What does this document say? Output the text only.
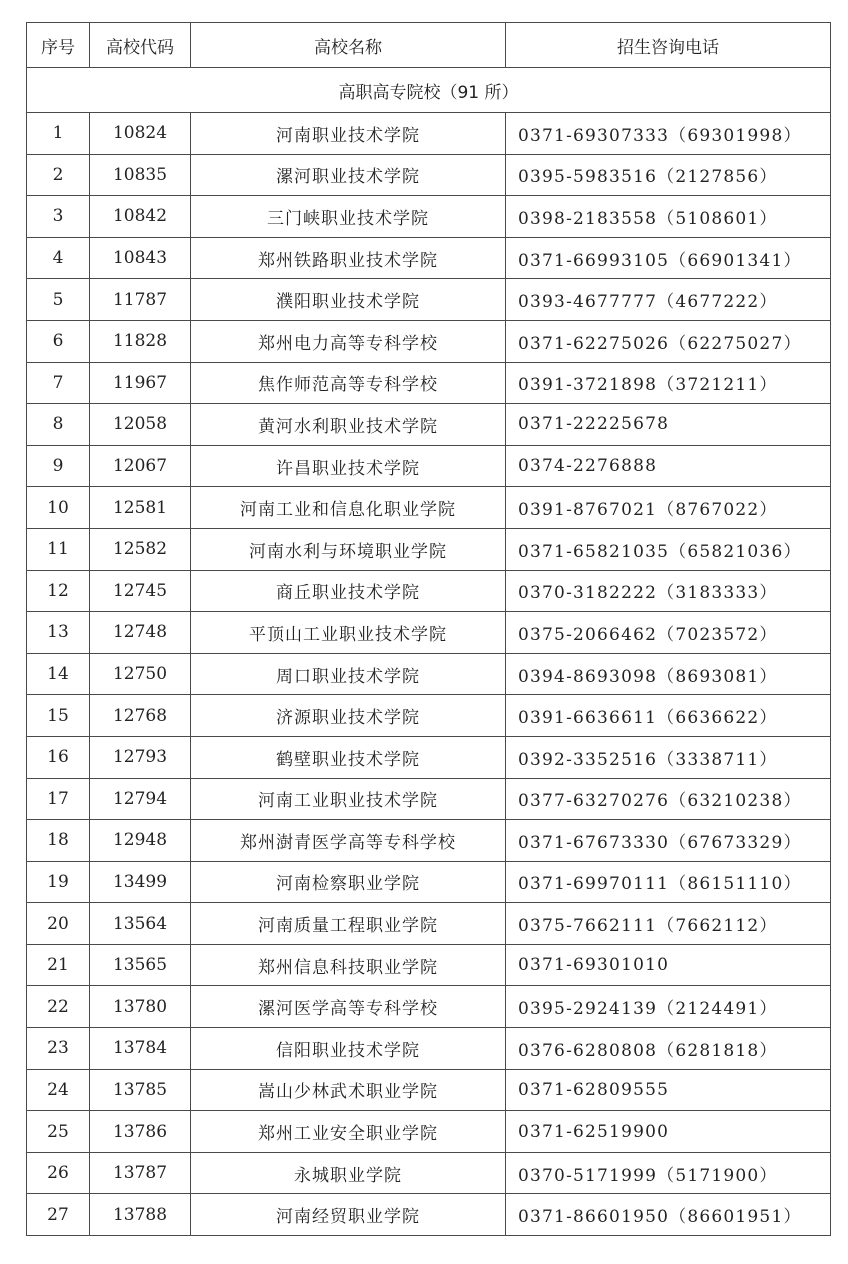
序号	高校代码	高校名称	招生咨询电话
高职高专院校（91 所）			
1	10824	河南职业技术学院	0371-69307333（69301998）
2	10835	漯河职业技术学院	0395-5983516（2127856）
3	10842	三门峡职业技术学院	0398-2183558（5108601）
4	10843	郑州铁路职业技术学院	0371-66993105（66901341）
5	11787	濮阳职业技术学院	0393-4677777（4677222）
6	11828	郑州电力高等专科学校	0371-62275026（62275027）
7	11967	焦作师范高等专科学校	0391-3721898（3721211）
8	12058	黄河水利职业技术学院	0371-22225678
9	12067	许昌职业技术学院	0374-2276888
10	12581	河南工业和信息化职业学院	0391-8767021（8767022）
11	12582	河南水利与环境职业学院	0371-65821035（65821036）
12	12745	商丘职业技术学院	0370-3182222（3183333）
13	12748	平顶山工业职业技术学院	0375-2066462（7023572）
14	12750	周口职业技术学院	0394-8693098（8693081）
15	12768	济源职业技术学院	0391-6636611（6636622）
16	12793	鹤壁职业技术学院	0392-3352516（3338711）
17	12794	河南工业职业技术学院	0377-63270276（63210238）
18	12948	郑州澍青医学高等专科学校	0371-67673330（67673329）
19	13499	河南检察职业学院	0371-69970111（86151110）
20	13564	河南质量工程职业学院	0375-7662111（7662112）
21	13565	郑州信息科技职业学院	0371-69301010
22	13780	漯河医学高等专科学校	0395-2924139（2124491）
23	13784	信阳职业技术学院	0376-6280808（6281818）
24	13785	嵩山少林武术职业学院	0371-62809555
25	13786	郑州工业安全职业学院	0371-62519900
26	13787	永城职业学院	0370-5171999（5171900）
27	13788	河南经贸职业学院	0371-86601950（86601951）
